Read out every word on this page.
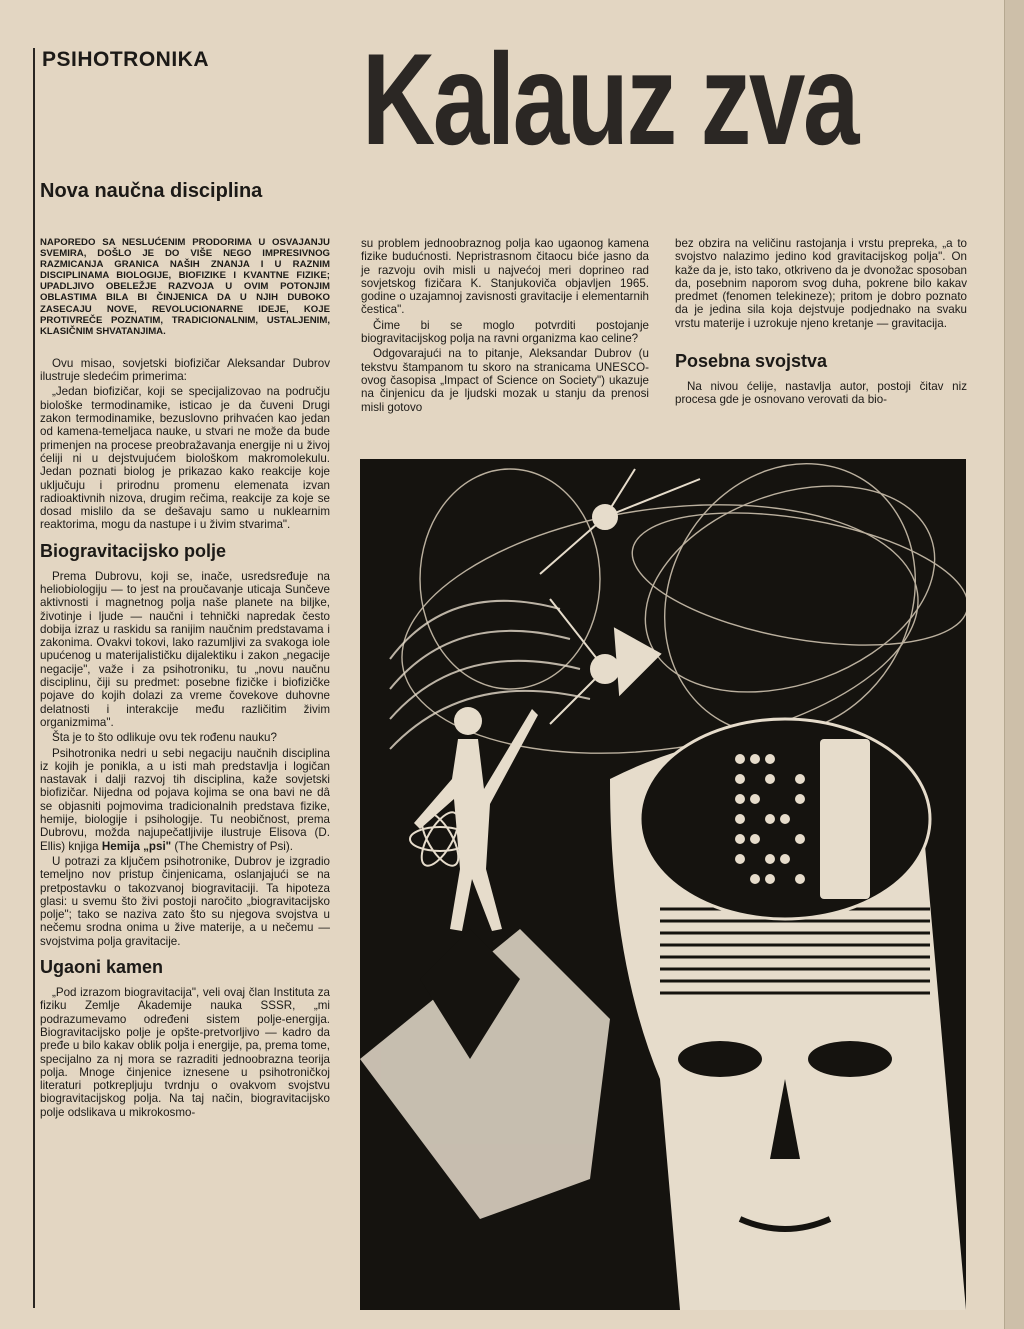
PSIHOTRONIKA Kalauz zva
Nova naučna disciplina

NAPOREDO SA NESLUĆENIM PRODORIMA U OSVAJANJU SVEMIRA, DOŠLO JE DO VIŠE NEGO IMPRESIVNOG RAZMICANJA GRANICA NAŠIH ZNANJA I U RAZNIM DISCIPLINAMA BIOLOGIJE, BIOFIZIKE I KVANTNE FIZIKE; UPADLJIVO OBELEŽJE RAZVOJA U OVIM POTONJIM OBLASTIMA BILA BI ČINJENICA DA U NJIH DUBOKO ZASECAJU NOVE, REVOLUCIONARNE IDEJE, KOJE PROTIVREČE POZNATIM, TRADICIONALNIM, USTALJENIM, KLASIČNIM SHVATANJIMA.

Ovu misao, sovjetski biofizičar Aleksandar Dubrov ilustruje sledećim primerima:

„Jedan biofizičar, koji se specijalizovao na području biološke termodinamike, isticao je da čuveni Drugi zakon termodinamike, bezuslovno prihvaćen kao jedan od kamena-temeljaca nauke, u stvari ne može da bude primenjen na procese preobražavanja energije ni u živoj ćeliji ni u dejstvujućem biološkom makromolekulu. Jedan poznati biolog je prikazao kako reakcije koje uključuju i prirodnu promenu elemenata izvan radioaktivnih nizova, drugim rečima, reakcije za koje se dosad mislilo da se dešavaju samo u nuklearnim reaktorima, mogu da nastupe i u živim stvarima".

Biogravitacijsko polje

Prema Dubrovu, koji se, inače, usredsređuje na heliobiologiju — to jest na proučavanje uticaja Sunčeve aktivnosti i magnetnog polja naše planete na biljke, životinje i ljude — naučni i tehnički napredak često dobija izraz u raskidu sa ranijim naučnim predstavama i zakonima. Ovakvi tokovi, lako razumljivi za svakoga iole upućenog u materijalističku dijalektiku i zakon „negacije negacije", važe i za psihotroniku, tu „novu naučnu disciplinu, čiji su predmet: posebne fizičke i biofizičke pojave do kojih dolazi za vreme čovekove duhovne delatnosti i interakcije među različitim živim organizmima".

Šta je to što odlikuje ovu tek rođenu nauku?

Psihotronika nedri u sebi negaciju naučnih disciplina iz kojih je ponikla, a u isti mah predstavlja i logičan nastavak i dalji razvoj tih disciplina, kaže sovjetski biofizičar. Nijedna od pojava kojima se ona bavi ne dâ se objasniti pojmovima tradicionalnih predstava fizike, hemije, biologije i psihologije. Tu neobičnost, prema Dubrovu, možda najupečatljivije ilustruje Elisova (D. Ellis) knjiga Hemija „psi" (The Chemistry of Psi).

U potrazi za ključem psihotronike, Dubrov je izgradio temeljno nov pristup činjenicama, oslanjajući se na pretpostavku o takozvanoj biogravitaciji. Ta hipoteza glasi: u svemu što živi postoji naročito „biogravitacijsko polje"; tako se naziva zato što su njegova svojstva u nečemu srodna onima u žive materije, a u nečemu — svojstvima polja gravitacije.

Ugaoni kamen

„Pod izrazom biogravitacija", veli ovaj član Instituta za fiziku Zemlje Akademije nauka SSSR, „mi podrazumevamo određeni sistem polje-energija. Biogravitacijsko polje je opšte-pretvorljivo — kadro da pređe u bilo kakav oblik polja i energije, pa, prema tome, specijalno za nj mora se razraditi jednoobrazna teorija polja. Mnoge činjenice iznesene u psihotroničkoj literaturi potkrepljuju tvrdnju o ovakvom svojstvu biogravitacijskog polja. Na taj način, biogravitacijsko polje odslikava u mikrokosmo-

su problem jednoobraznog polja kao ugaonog kamena fizike budućnosti. Nepristrasnom čitaocu biće jasno da je razvoju ovih misli u najvećoj meri doprineo rad sovjetskog fizičara K. Stanjukoviča objavljen 1965. godine o uzajamnoj zavisnosti gravitacije i elementarnih čestica".

Čime bi se moglo potvrditi postojanje biogravitacijskog polja na ravni organizma kao celine?

Odgovarajući na to pitanje, Aleksandar Dubrov (u tekstvu štampanom tu skoro na stranicama UNESCO-ovog časopisa „Impact of Science on Society") ukazuje na činjenicu da je ljudski mozak u stanju da prenosi misli gotovo

bez obzira na veličinu rastojanja i vrstu prepreka, „a to svojstvo nalazimo jedino kod gravitacijskog polja". On kaže da je, isto tako, otkriveno da je dvonožac sposoban da, posebnim naporom svog duha, pokrene bilo kakav predmet (fenomen telekineze); pritom je dobro poznato da je jedina sila koja dejstvuje podjednako na svaku vrstu materije i uzrokuje njeno kretanje — gravitacija.

Posebna svojstva

Na nivou ćelije, nastavlja autor, postoji čitav niz procesa gde je osnovano verovati da bio-
